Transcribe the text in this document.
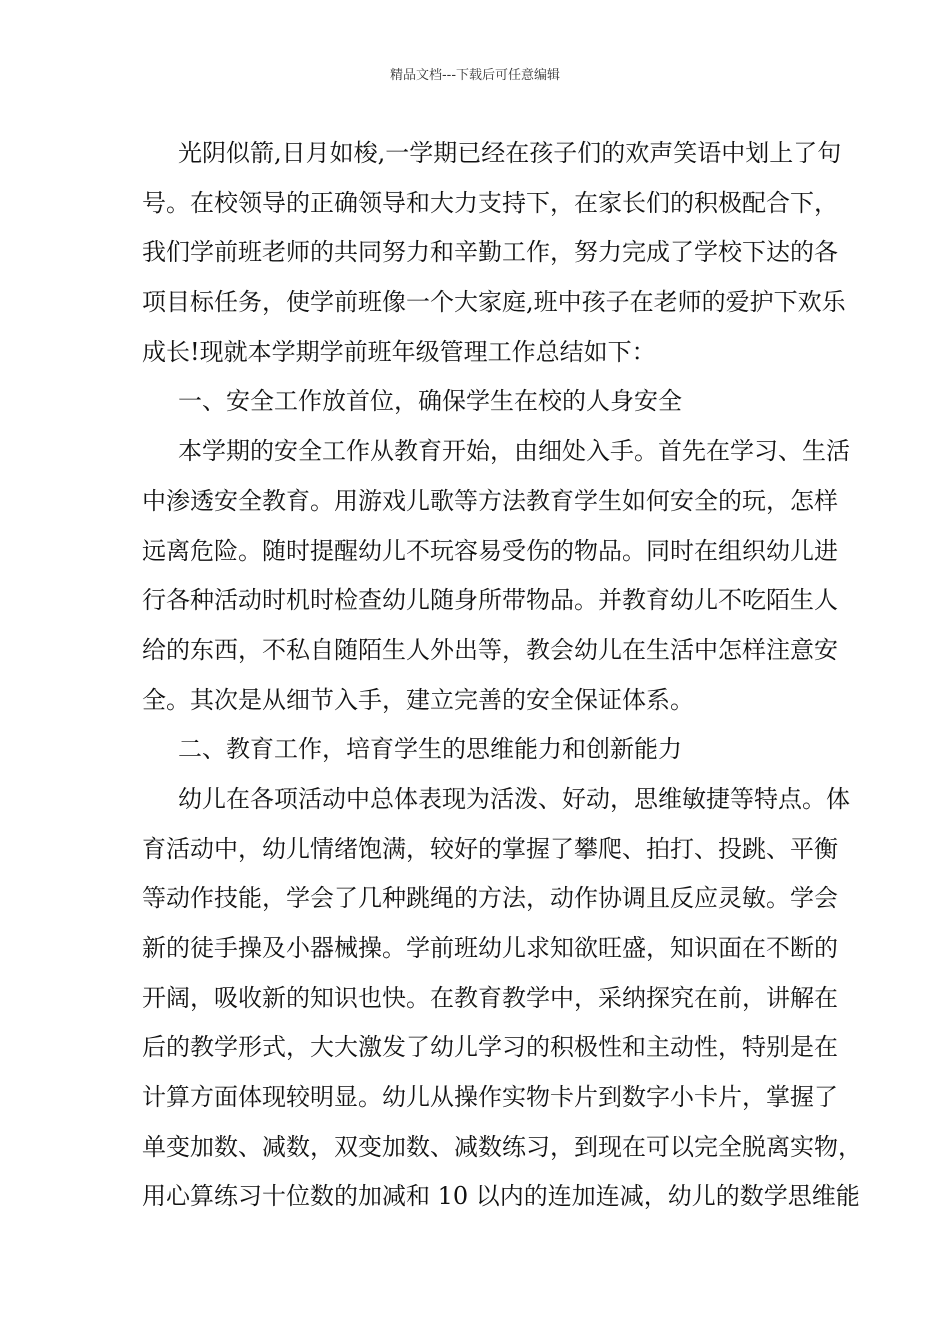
精品文档---下载后可任意编辑
光阴似箭,日月如梭,一学期已经在孩子们的欢声笑语中划上了句
号。在校领导的正确领导和大力支持下，在家长们的积极配合下，
我们学前班老师的共同努力和辛勤工作，努力完成了学校下达的各
项目标任务，使学前班像一个大家庭,班中孩子在老师的爱护下欢乐
成长!现就本学期学前班年级管理工作总结如下：
一、安全工作放首位，确保学生在校的人身安全
本学期的安全工作从教育开始，由细处入手。首先在学习、生活
中渗透安全教育。用游戏儿歌等方法教育学生如何安全的玩，怎样
远离危险。随时提醒幼儿不玩容易受伤的物品。同时在组织幼儿进
行各种活动时机时检查幼儿随身所带物品。并教育幼儿不吃陌生人
给的东西，不私自随陌生人外出等，教会幼儿在生活中怎样注意安
全。其次是从细节入手，建立完善的安全保证体系。
二、教育工作，培育学生的思维能力和创新能力
幼儿在各项活动中总体表现为活泼、好动，思维敏捷等特点。体
育活动中，幼儿情绪饱满，较好的掌握了攀爬、拍打、投跳、平衡
等动作技能，学会了几种跳绳的方法，动作协调且反应灵敏。学会
新的徒手操及小器械操。学前班幼儿求知欲旺盛，知识面在不断的
开阔，吸收新的知识也快。在教育教学中，采纳探究在前，讲解在
后的教学形式，大大激发了幼儿学习的积极性和主动性，特别是在
计算方面体现较明显。幼儿从操作实物卡片到数字小卡片，掌握了
单变加数、减数，双变加数、减数练习，到现在可以完全脱离实物，
用心算练习十位数的加减和 10 以内的连加连减，幼儿的数学思维能
